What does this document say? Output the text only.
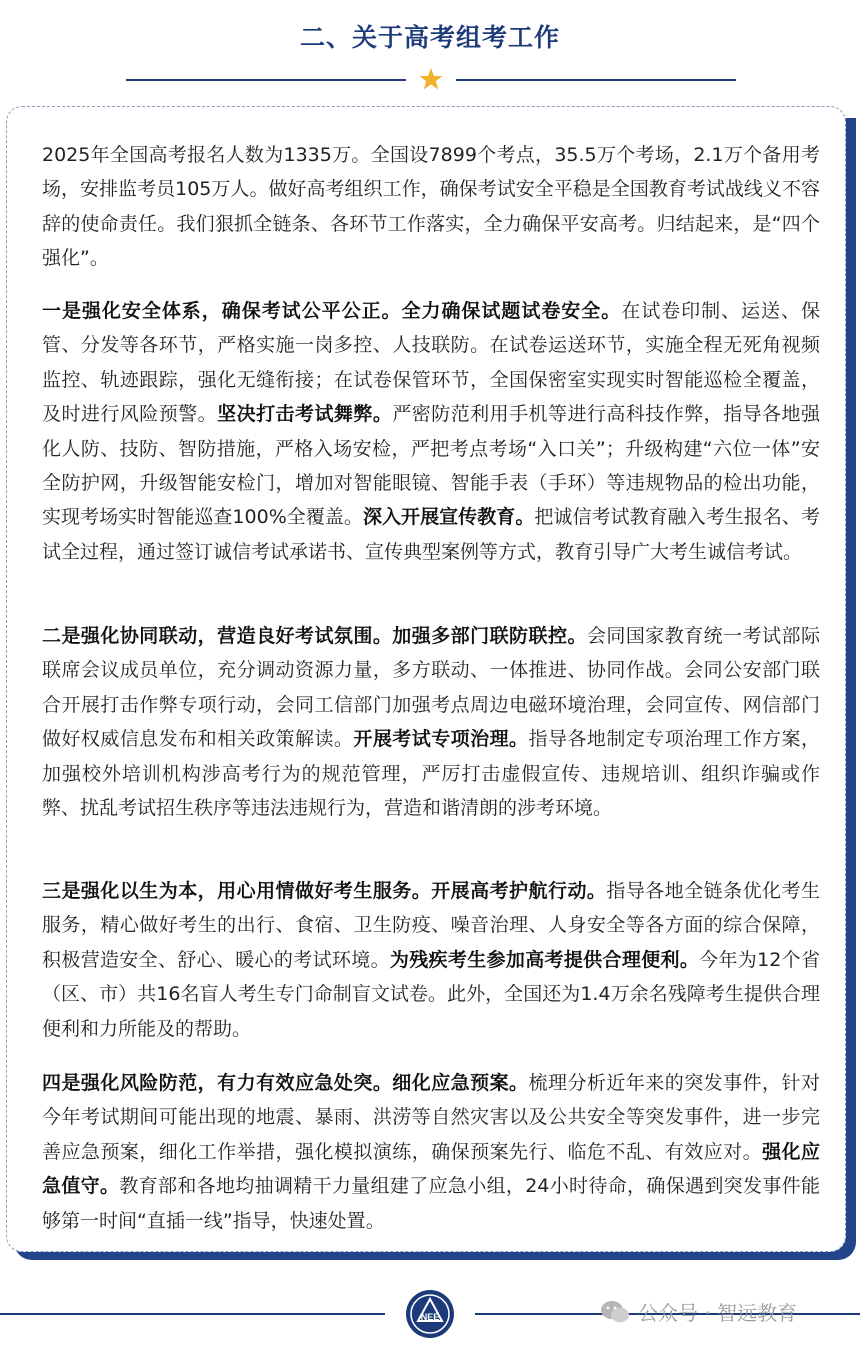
二、关于高考组考工作

2025年全国高考报名人数为1335万。全国设7899个考点，35.5万个考场，2.1万个备用考场，安排监考员105万人。做好高考组织工作，确保考试安全平稳是全国教育考试战线义不容辞的使命责任。我们狠抓全链条、各环节工作落实，全力确保平安高考。归结起来，是“四个强化”。

一是强化安全体系，确保考试公平公正。全力确保试题试卷安全。在试卷印制、运送、保管、分发等各环节，严格实施一岗多控、人技联防。在试卷运送环节，实施全程无死角视频监控、轨迹跟踪，强化无缝衔接；在试卷保管环节，全国保密室实现实时智能巡检全覆盖，及时进行风险预警。坚决打击考试舞弊。严密防范利用手机等进行高科技作弊，指导各地强化人防、技防、智防措施，严格入场安检，严把考点考场“入口关”；升级构建“六位一体”安全防护网，升级智能安检门，增加对智能眼镜、智能手表（手环）等违规物品的检出功能，实现考场实时智能巡查100%全覆盖。深入开展宣传教育。把诚信考试教育融入考生报名、考试全过程，通过签订诚信考试承诺书、宣传典型案例等方式，教育引导广大考生诚信考试。

二是强化协同联动，营造良好考试氛围。加强多部门联防联控。会同国家教育统一考试部际联席会议成员单位，充分调动资源力量，多方联动、一体推进、协同作战。会同公安部门联合开展打击作弊专项行动，会同工信部门加强考点周边电磁环境治理，会同宣传、网信部门做好权威信息发布和相关政策解读。开展考试专项治理。指导各地制定专项治理工作方案，加强校外培训机构涉高考行为的规范管理，严厉打击虚假宣传、违规培训、组织诈骗或作弊、扰乱考试招生秩序等违法违规行为，营造和谐清朗的涉考环境。

三是强化以生为本，用心用情做好考生服务。开展高考护航行动。指导各地全链条优化考生服务，精心做好考生的出行、食宿、卫生防疫、噪音治理、人身安全等各方面的综合保障，积极营造安全、舒心、暖心的考试环境。为残疾考生参加高考提供合理便利。今年为12个省（区、市）共16名盲人考生专门命制盲文试卷。此外，全国还为1.4万余名残障考生提供合理便利和力所能及的帮助。

四是强化风险防范，有力有效应急处突。细化应急预案。梳理分析近年来的突发事件，针对今年考试期间可能出现的地震、暴雨、洪涝等自然灾害以及公共安全等突发事件，进一步完善应急预案，细化工作举措，强化模拟演练，确保预案先行、临危不乱、有效应对。强化应急值守。教育部和各地均抽调精干力量组建了应急小组，24小时待命，确保遇到突发事件能够第一时间“直插一线”指导，快速处置。

NEE	公众号 · 智远教育
